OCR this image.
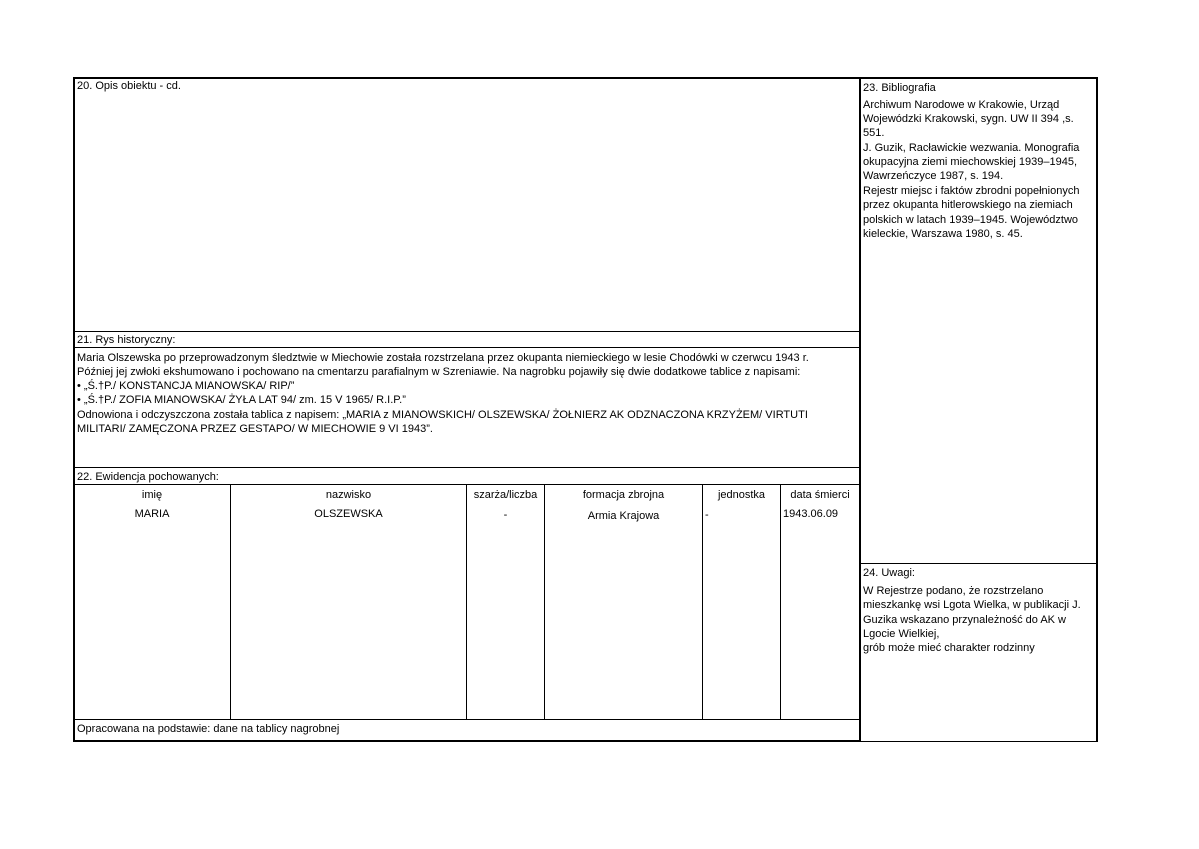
20. Opis obiektu - cd.
21. Rys historyczny:
Maria Olszewska po przeprowadzonym śledztwie w Miechowie została rozstrzelana przez okupanta niemieckiego w lesie Chodówki w czerwcu 1943 r.
Później jej zwłoki ekshumowano i pochowano na cmentarzu parafialnym w Szreniawie. Na nagrobku pojawiły się dwie dodatkowe tablice z napisami:
• „Ś.†P./ KONSTANCJA MIANOWSKA/ RIP/”
• „Ś.†P./ ZOFIA MIANOWSKA/ ŻYŁA LAT 94/ zm. 15 V 1965/ R.I.P.”
Odnowiona i odczyszczona została tablica z napisem: „MARIA z MIANOWSKICH/ OLSZEWSKA/ ŻOŁNIERZ AK ODZNACZONA KRZYŻEM/ VIRTUTI
MILITARI/ ZAMĘCZONA PRZEZ GESTAPO/ W MIECHOWIE 9 VI 1943”.
22. Ewidencja pochowanych:
imię	nazwisko	szarża/liczba	formacja zbrojna	jednostka	data śmierci
MARIA	OLSZEWSKA	-	Armia Krajowa	-	1943.06.09
Opracowana na podstawie: dane na tablicy nagrobnej
23. Bibliografia
Archiwum Narodowe w Krakowie, Urząd
Wojewódzki Krakowski, sygn. UW II 394 ,s.
551.
J. Guzik, Racławickie wezwania. Monografia
okupacyjna ziemi miechowskiej 1939–1945,
Wawrzeńczyce 1987, s. 194.
Rejestr miejsc i faktów zbrodni popełnionych
przez okupanta hitlerowskiego na ziemiach
polskich w latach 1939–1945. Województwo
kieleckie, Warszawa 1980, s. 45.
24. Uwagi:
W Rejestrze podano, że rozstrzelano
mieszkankę wsi Lgota Wielka, w publikacji J.
Guzika wskazano przynależność do AK w
Lgocie Wielkiej,
grób może mieć charakter rodzinny
